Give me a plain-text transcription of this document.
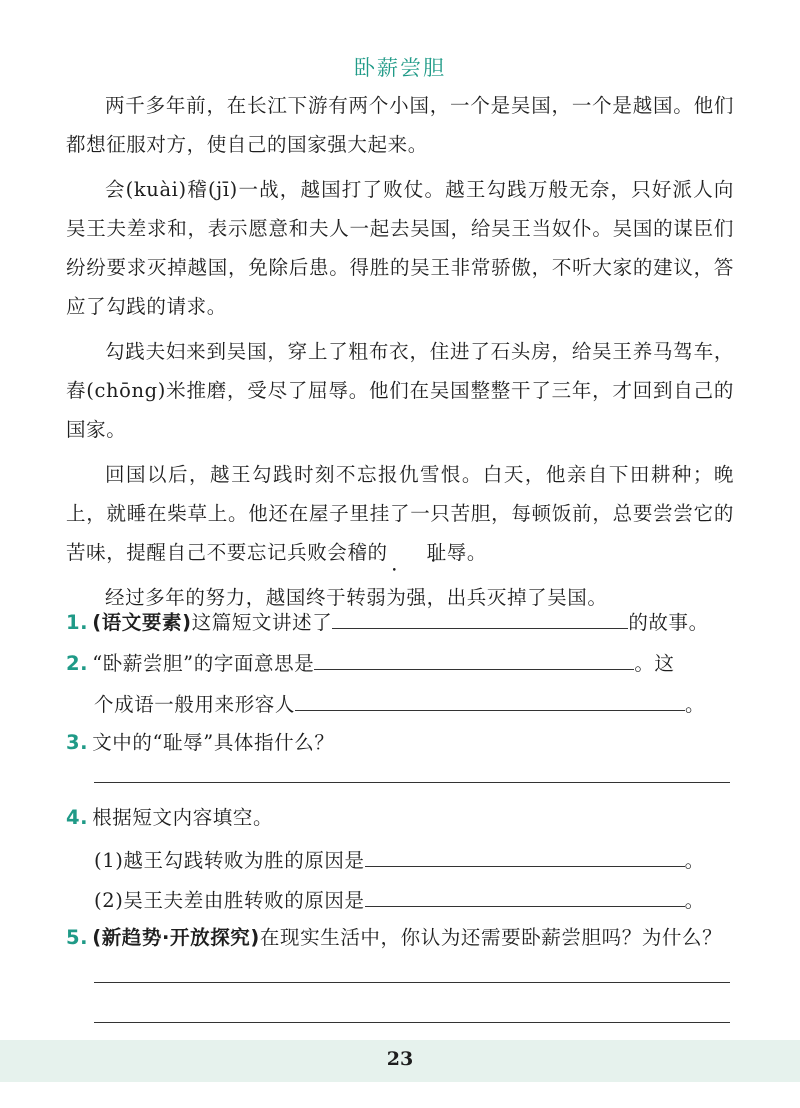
卧薪尝胆

两千多年前，在长江下游有两个小国，一个是吴国，一个是越国。他们都想征服对方，使自己的国家强大起来。

会(kuài)稽(jī)一战，越国打了败仗。越王勾践万般无奈，只好派人向吴王夫差求和，表示愿意和夫人一起去吴国，给吴王当奴仆。吴国的谋臣们纷纷要求灭掉越国，免除后患。得胜的吴王非常骄傲，不听大家的建议，答应了勾践的请求。

勾践夫妇来到吴国，穿上了粗布衣，住进了石头房，给吴王养马驾车，舂(chōng)米推磨，受尽了屈辱。他们在吴国整整干了三年，才回到自己的国家。

回国以后，越王勾践时刻不忘报仇雪恨。白天，他亲自下田耕种；晚上，就睡在柴草上。他还在屋子里挂了一只苦胆，每顿饭前，总要尝尝它的苦味，提醒自己不要忘记兵败会稽的 耻辱 • •。

经过多年的努力，越国终于转弱为强，出兵灭掉了吴国。

1. (语文要素)这篇短文讲述了	的故事。
2. “卧薪尝胆”的字面意思是	。这
个成语一般用来形容人	。
3. 文中的“耻辱”具体指什么？
4. 根据短文内容填空。
(1)越王勾践转败为胜的原因是	。
(2)吴王夫差由胜转败的原因是	。
5. (新趋势·开放探究)在现实生活中，你认为还需要卧薪尝胆吗？为什么？
23
